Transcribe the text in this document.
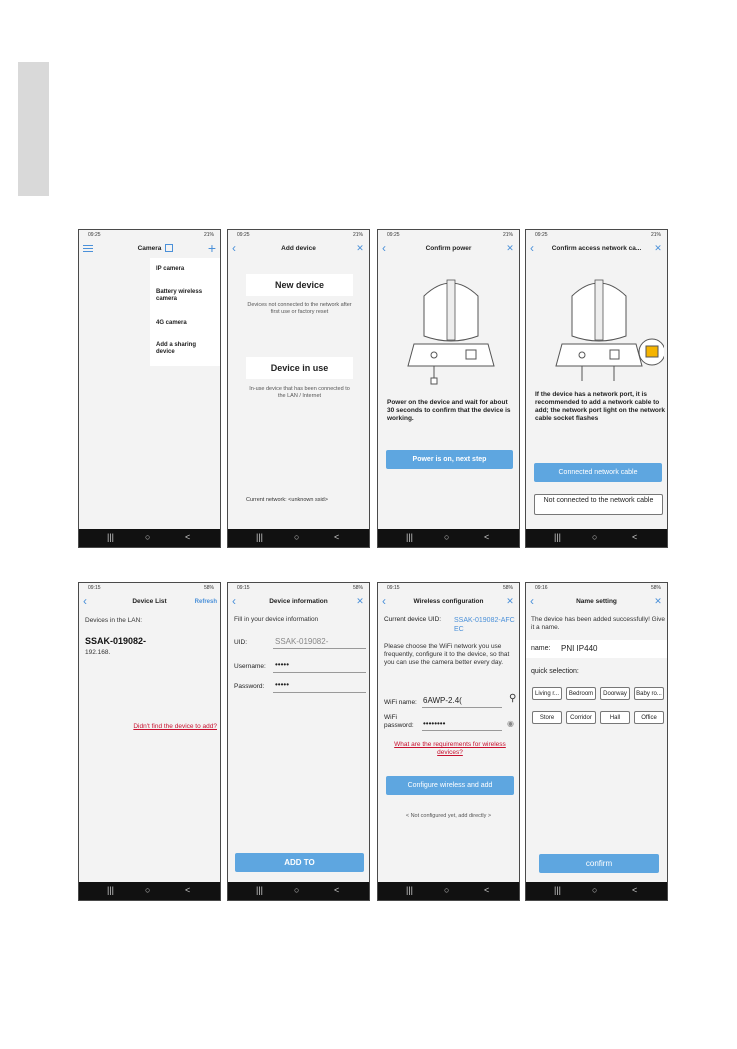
09:25	21%
Camera	+
IP camera
Battery wireless camera
4G camera
Add a sharing device
|||	○	<
09:25	21%
Add device
‹	✕
New device
Devices not connected to the network after first use or factory reset
Device in use
In-use device that has been connected to the LAN / Internet
Current network: <unknown ssid>
|||	○	<
09:25	21%
Confirm power
‹	✕
Power on the device and wait for about 30 seconds to confirm that the device is working.
Power is on, next step
|||	○	<
09:25	21%
Confirm access network ca...
‹	✕
If the device has a network port, it is recommended to add a network cable to add; the network port light on the network cable socket flashes
Connected network cable
Not connected to the network cable
|||	○	<
09:15	58%
Device List
‹	Refresh
Devices in the LAN:
SSAK-019082-
192.168.
Didn't find the device to add?
|||	○	<
09:15	58%
Device information
‹	✕
Fill in your device information
UID:	SSAK-019082-
Username: •••••
Password: •••••
ADD TO
|||	○	<
09:15	58%
Wireless configuration
‹	✕
Current device UID: SSAK-019082-AFCEC
Please choose the WiFi network you use frequently, configure it to the device, so that you can use the camera better every day.
WiFi name: 6AWP-2.4(	⚲
WiFi password:	••••••••	◉
What are the requirements for wireless devices?
Configure wireless and add
< Not configured yet, add directly >
|||	○	<
09:16	58%
Name setting
‹	✕
The device has been added successfully! Give it a name.
name: PNI IP440
quick selection:
Living r...	Bedroom	Doorway	Baby ro...
Store	Corridor	Hall	Office
confirm
|||	○	<
